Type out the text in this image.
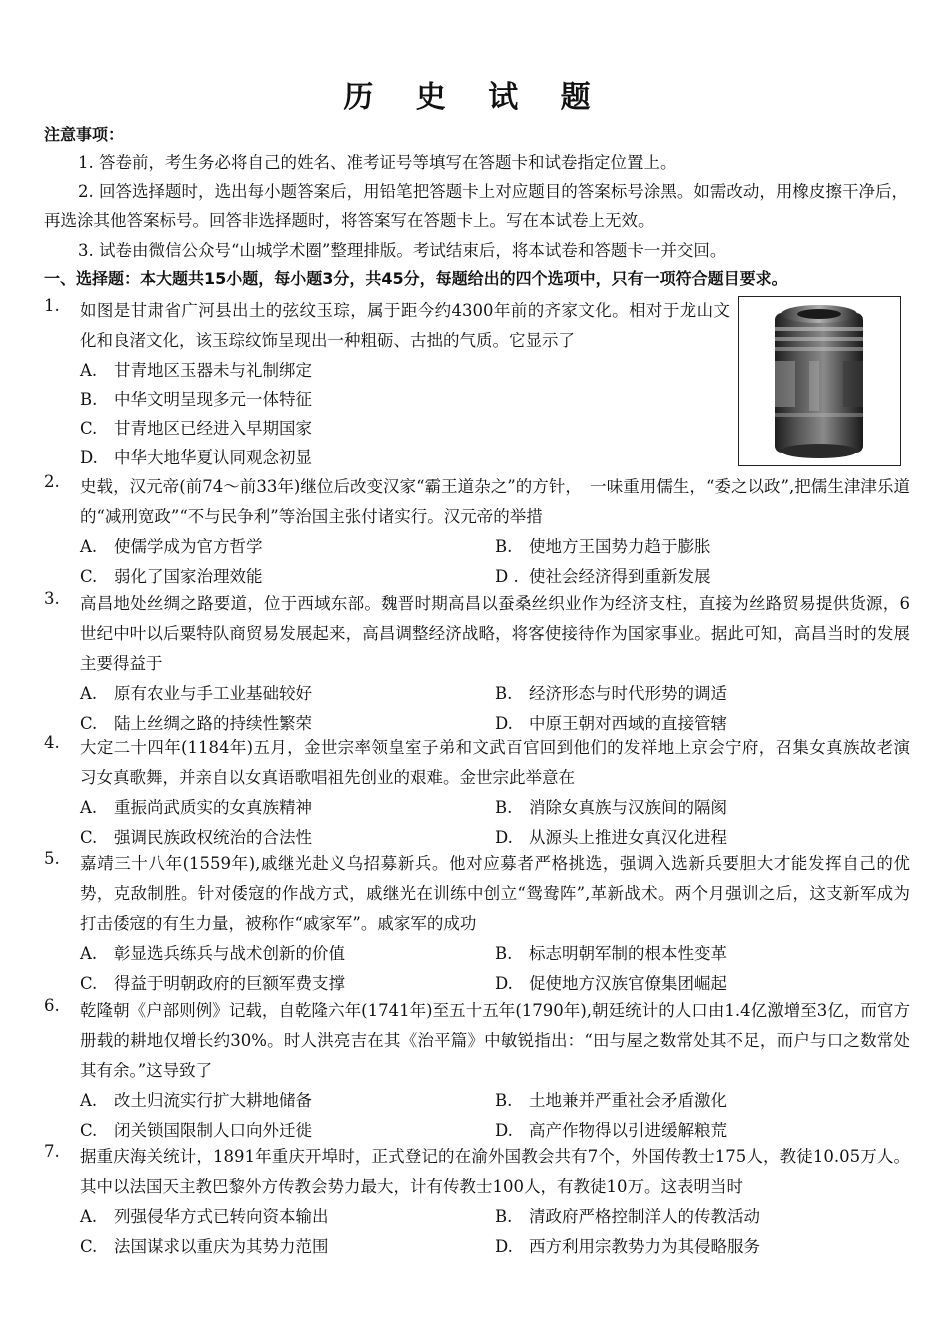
历 史 试 题
注意事项：
1. 答卷前，考生务必将自己的姓名、准考证号等填写在答题卡和试卷指定位置上。
2. 回答选择题时，选出每小题答案后，用铅笔把答题卡上对应题目的答案标号涂黑。如需改动，用橡皮擦干净后，再选涂其他答案标号。回答非选择题时，将答案写在答题卡上。写在本试卷上无效。
3. 试卷由微信公众号“山城学术圈”整理排版。考试结束后，将本试卷和答题卡一并交回。
一、选择题：本大题共15小题，每小题3分，共45分，每题给出的四个选项中，只有一项符合题目要求。
1. 如图是甘肃省广河县出土的弦纹玉琮，属于距今约4300年前的齐家文化。相对于龙山文化和良渚文化，该玉琮纹饰呈现出一种粗砺、古拙的气质。它显示了
A. 甘青地区玉器未与礼制绑定
B. 中华文明呈现多元一体特征
C. 甘青地区已经进入早期国家
D. 中华大地华夏认同观念初显
2. 史载，汉元帝(前74～前33年)继位后改变汉家“霸王道杂之”的方针，　一味重用儒生，“委之以政”,把儒生津津乐道的“减刑宽政”“不与民争利”等治国主张付诸实行。汉元帝的举措
A. 使儒学成为官方哲学	B. 使地方王国势力趋于膨胀
C. 弱化了国家治理效能	D . 使社会经济得到重新发展
3. 高昌地处丝绸之路要道，位于西域东部。魏晋时期高昌以蚕桑丝织业作为经济支柱，直接为丝路贸易提供货源，6世纪中叶以后粟特队商贸易发展起来，高昌调整经济战略，将客使接待作为国家事业。据此可知，高昌当时的发展主要得益于
A. 原有农业与手工业基础较好	B. 经济形态与时代形势的调适
C. 陆上丝绸之路的持续性繁荣	D. 中原王朝对西域的直接管辖
4. 大定二十四年(1184年)五月，金世宗率领皇室子弟和文武百官回到他们的发祥地上京会宁府，召集女真族故老演习女真歌舞，并亲自以女真语歌唱祖先创业的艰难。金世宗此举意在
A. 重振尚武质实的女真族精神	B. 消除女真族与汉族间的隔阂
C. 强调民族政权统治的合法性	D. 从源头上推进女真汉化进程
5. 嘉靖三十八年(1559年),戚继光赴义乌招募新兵。他对应募者严格挑选，强调入选新兵要胆大才能发挥自己的优势，克敌制胜。针对倭寇的作战方式，戚继光在训练中创立“鸳鸯阵”,革新战术。两个月强训之后，这支新军成为打击倭寇的有生力量，被称作“戚家军”。戚家军的成功
A. 彰显选兵练兵与战术创新的价值	B. 标志明朝军制的根本性变革
C. 得益于明朝政府的巨额军费支撑	D. 促使地方汉族官僚集团崛起
6. 乾隆朝《户部则例》记载，自乾隆六年(1741年)至五十五年(1790年),朝廷统计的人口由1.4亿激增至3亿，而官方册载的耕地仅增长约30%。时人洪亮吉在其《治平篇》中敏锐指出：“田与屋之数常处其不足，而户与口之数常处其有余。”这导致了
A. 改土归流实行扩大耕地储备	B. 土地兼并严重社会矛盾激化
C. 闭关锁国限制人口向外迁徙	D. 高产作物得以引进缓解粮荒
7. 据重庆海关统计，1891年重庆开埠时，正式登记的在渝外国教会共有7个，外国传教士175人，教徒10.05万人。其中以法国天主教巴黎外方传教会势力最大，计有传教士100人，有教徒10万。这表明当时
A. 列强侵华方式已转向资本输出	B. 清政府严格控制洋人的传教活动
C. 法国谋求以重庆为其势力范围	D. 西方利用宗教势力为其侵略服务
